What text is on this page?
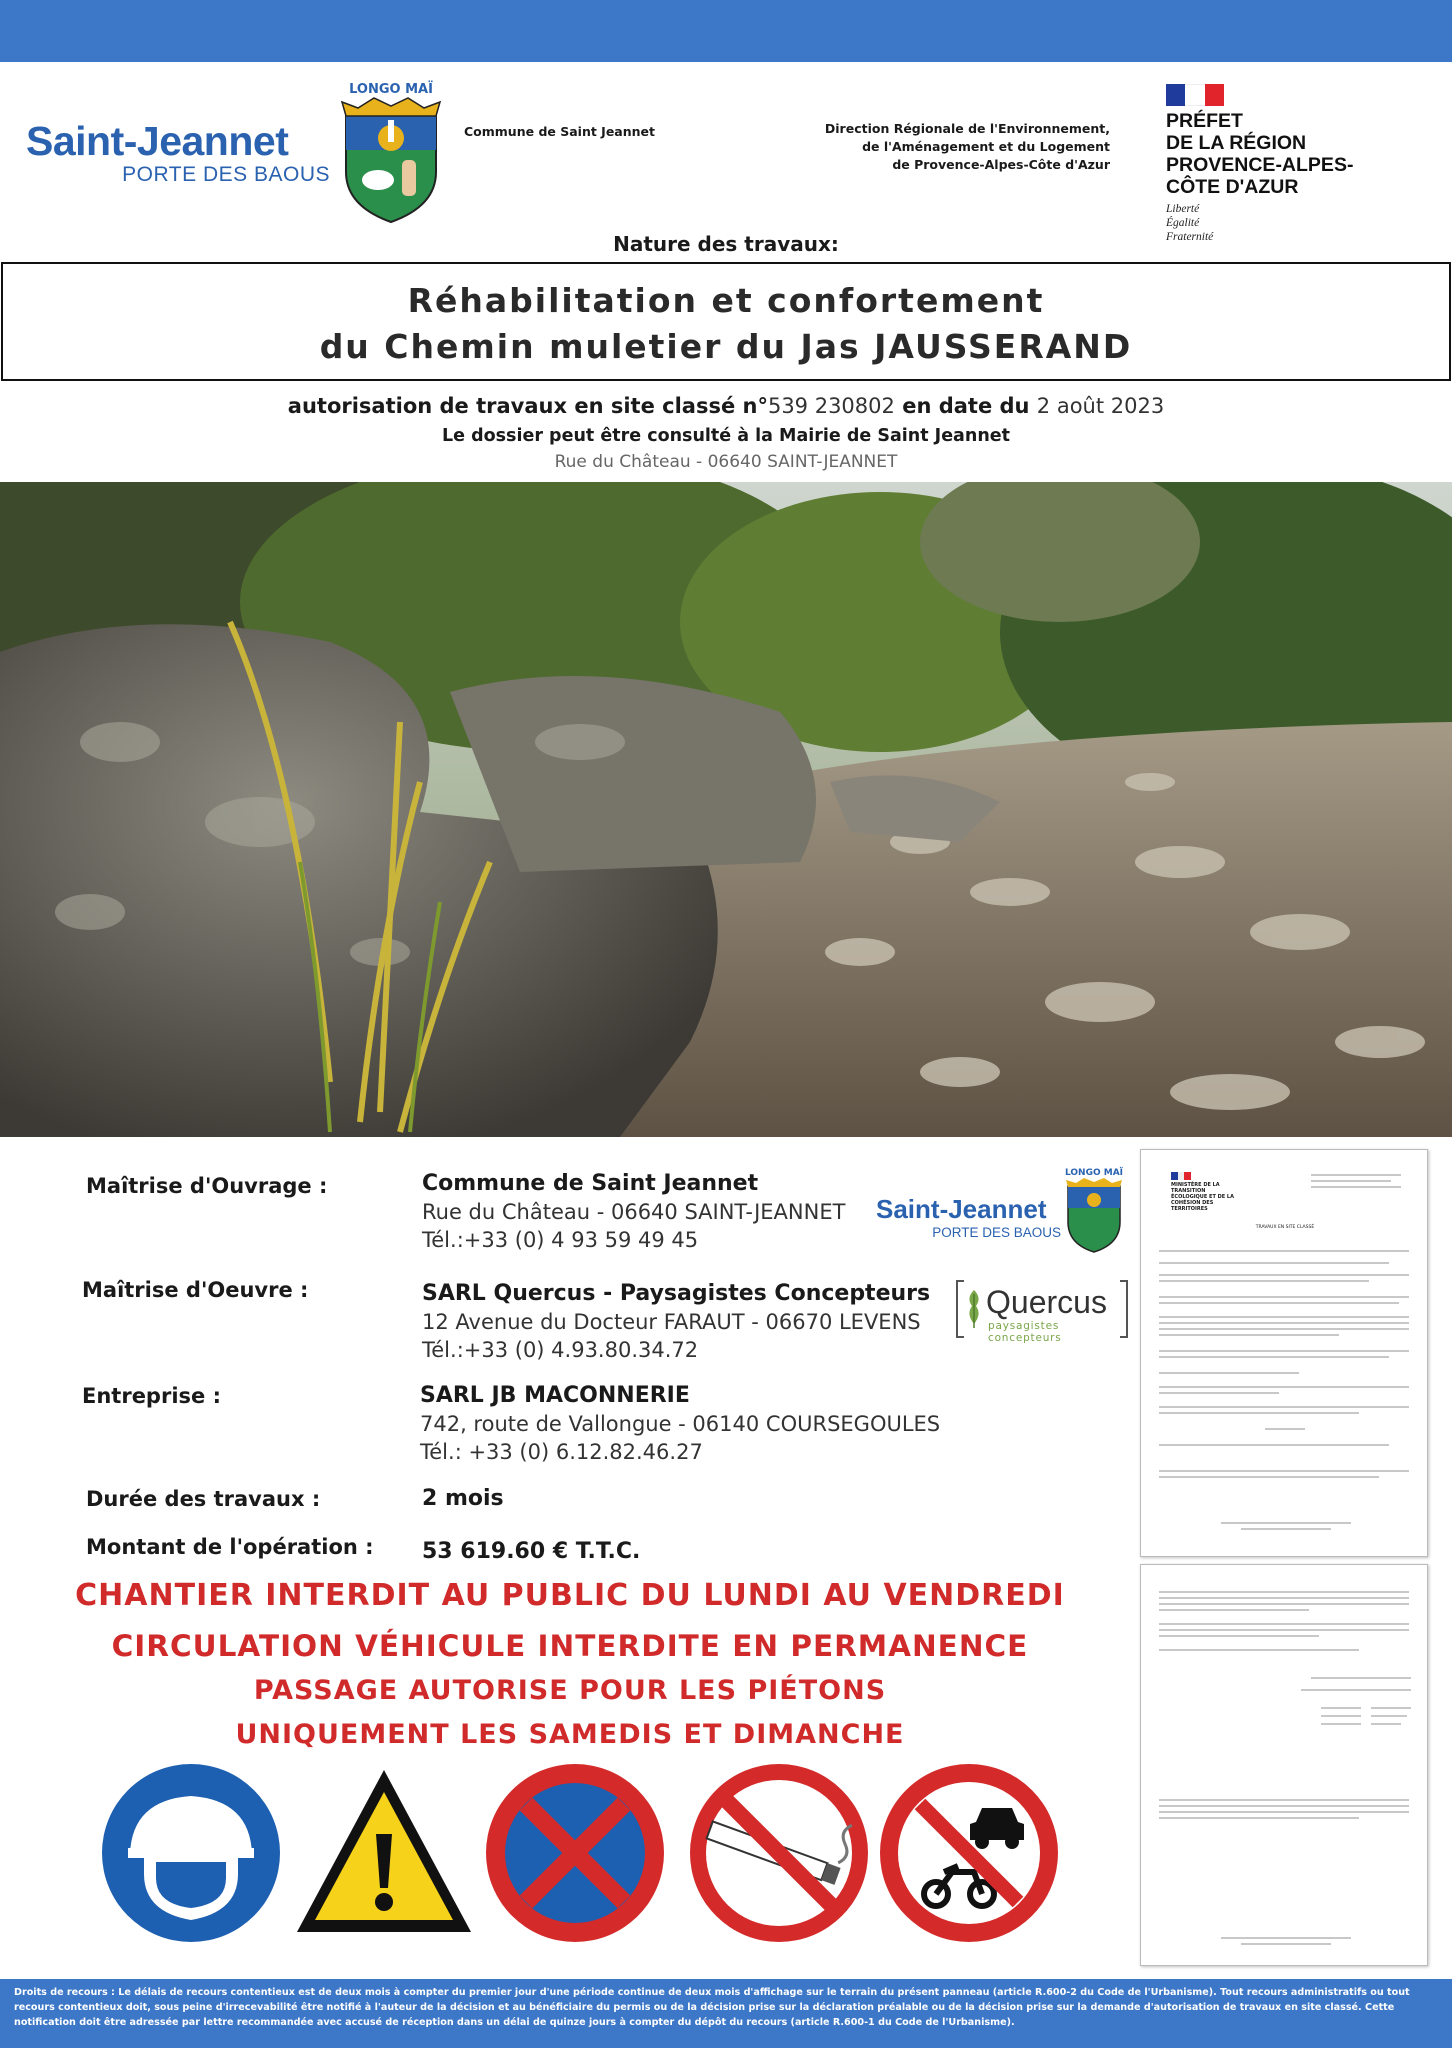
Saint-Jeannet
PORTE DES BAOUS
LONGO MAÏ
Commune de Saint Jeannet	Direction Régionale de l'Environnement,
de l'Aménagement et du Logement
de Provence-Alpes-Côte d'Azur
PRÉFET
DE LA RÉGION
PROVENCE-ALPES-
CÔTE D'AZUR
Liberté
Égalité
Fraternité
Nature des travaux:
Réhabilitation et confortement
du Chemin muletier du Jas JAUSSERAND
autorisation de travaux en site classé n°539 230802 en date du 2 août 2023
Le dossier peut être consulté à la Mairie de Saint Jeannet
Rue du Château - 06640 SAINT-JEANNET
Maîtrise d'Ouvrage :	Commune de Saint Jeannet
Rue du Château - 06640 SAINT-JEANNET
Tél.:+33 (0) 4 93 59 49 45
Saint-Jeannet
PORTE DES BAOUS
LONGO MAÏ
Maîtrise d'Oeuvre :	SARL Quercus - Paysagistes Concepteurs
12 Avenue du Docteur FARAUT - 06670 LEVENS
Tél.:+33 (0) 4.93.80.34.72
Quercus
paysagistes concepteurs
Entreprise :	SARL JB MACONNERIE
742, route de Vallongue - 06140 COURSEGOULES
Tél.: +33 (0) 6.12.82.46.27
Durée des travaux :	2 mois
Montant de l'opération : 53 619.60 € T.T.C.
CHANTIER INTERDIT AU PUBLIC DU LUNDI AU VENDREDI
CIRCULATION VÉHICULE INTERDITE EN PERMANENCE
PASSAGE AUTORISE POUR LES PIÉTONS
UNIQUEMENT LES SAMEDIS ET DIMANCHE
MINISTÈRE DE LA TRANSITION ÉCOLOGIQUE ET DE LA COHÉSION DES TERRITOIRES
TRAVAUX EN SITE CLASSÉ
Droits de recours : Le délais de recours contentieux est de deux mois à compter du premier jour d'une période continue de deux mois d'affichage sur le terrain du présent panneau (article R.600-2 du Code de l'Urbanisme). Tout recours administratifs ou tout recours contentieux doit, sous peine d'irrecevabilité être notifié à l'auteur de la décision et au bénéficiaire du permis ou de la décision prise sur la déclaration préalable ou de la décision prise sur la demande d'autorisation de travaux en site classé. Cette notification doit être adressée par lettre recommandée avec accusé de réception dans un délai de quinze jours à compter du dépôt du recours (article R.600-1 du Code de l'Urbanisme).
